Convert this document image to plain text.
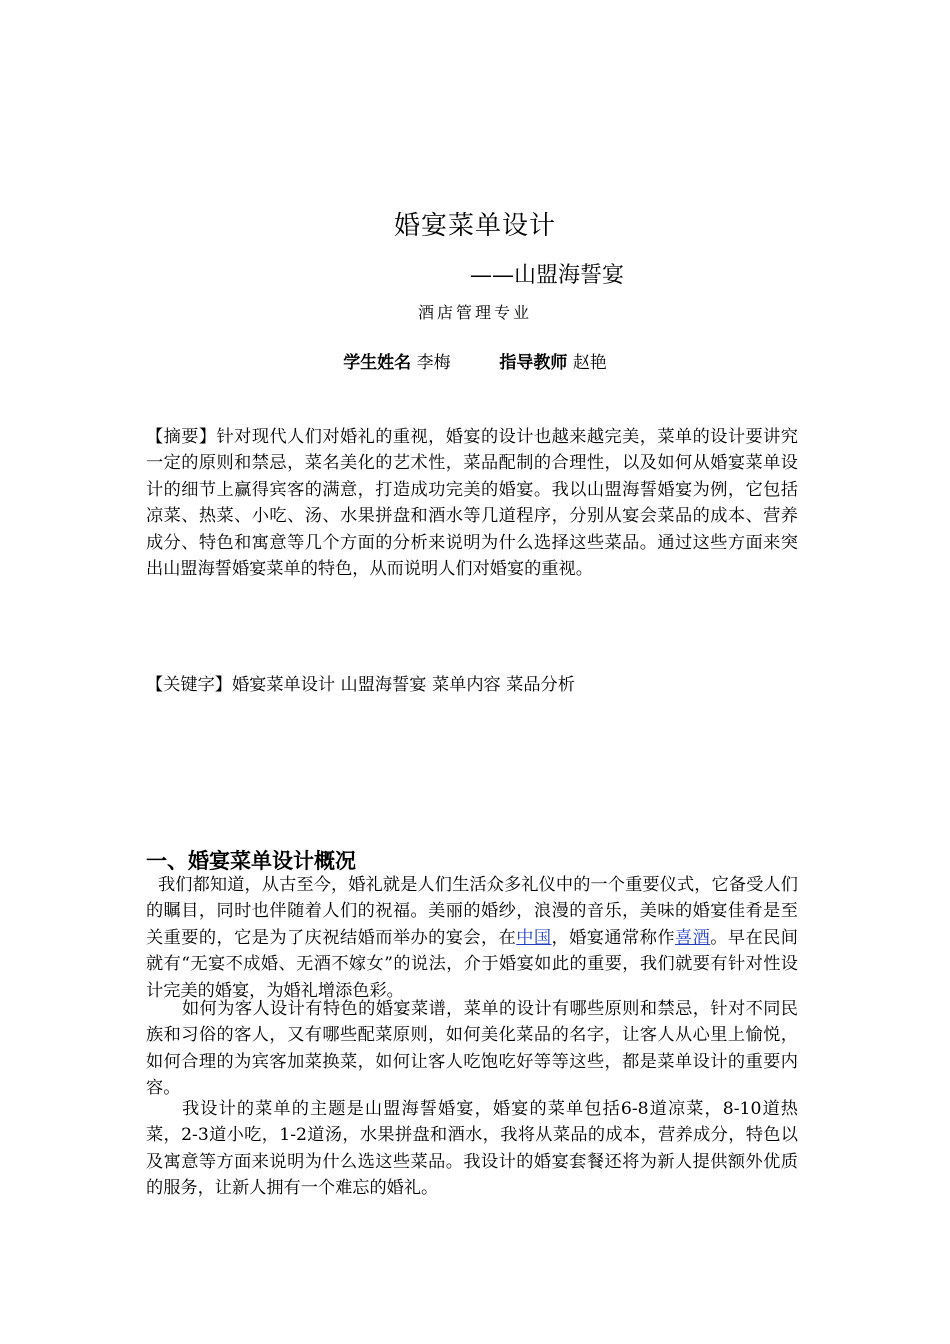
婚宴菜单设计
——山盟海誓宴
酒店管理专业
学生姓名 李梅	指导教师 赵艳
【摘要】针对现代人们对婚礼的重视，婚宴的设计也越来越完美，菜单的设计要讲究一定的原则和禁忌，菜名美化的艺术性，菜品配制的合理性，以及如何从婚宴菜单设计的细节上赢得宾客的满意，打造成功完美的婚宴。我以山盟海誓婚宴为例，它包括凉菜、热菜、小吃、汤、水果拼盘和酒水等几道程序，分别从宴会菜品的成本、营养成分、特色和寓意等几个方面的分析来说明为什么选择这些菜品。通过这些方面来突出山盟海誓婚宴菜单的特色，从而说明人们对婚宴的重视。
【关键字】婚宴菜单设计 山盟海誓宴 菜单内容 菜品分析
一、婚宴菜单设计概况
我们都知道，从古至今，婚礼就是人们生活众多礼仪中的一个重要仪式，它备受人们的瞩目，同时也伴随着人们的祝福。美丽的婚纱，浪漫的音乐，美味的婚宴佳肴是至关重要的，它是为了庆祝结婚而举办的宴会，在中国，婚宴通常称作喜酒。早在民间就有“无宴不成婚、无酒不嫁女”的说法，介于婚宴如此的重要，我们就要有针对性设计完美的婚宴，为婚礼增添色彩。
如何为客人设计有特色的婚宴菜谱，菜单的设计有哪些原则和禁忌，针对不同民族和习俗的客人，又有哪些配菜原则，如何美化菜品的名字，让客人从心里上愉悦，如何合理的为宾客加菜换菜，如何让客人吃饱吃好等等这些，都是菜单设计的重要内容。
我设计的菜单的主题是山盟海誓婚宴，婚宴的菜单包括6-8道凉菜，8-10道热菜，2-3道小吃，1-2道汤，水果拼盘和酒水，我将从菜品的成本，营养成分，特色以及寓意等方面来说明为什么选这些菜品。我设计的婚宴套餐还将为新人提供额外优质的服务，让新人拥有一个难忘的婚礼。
